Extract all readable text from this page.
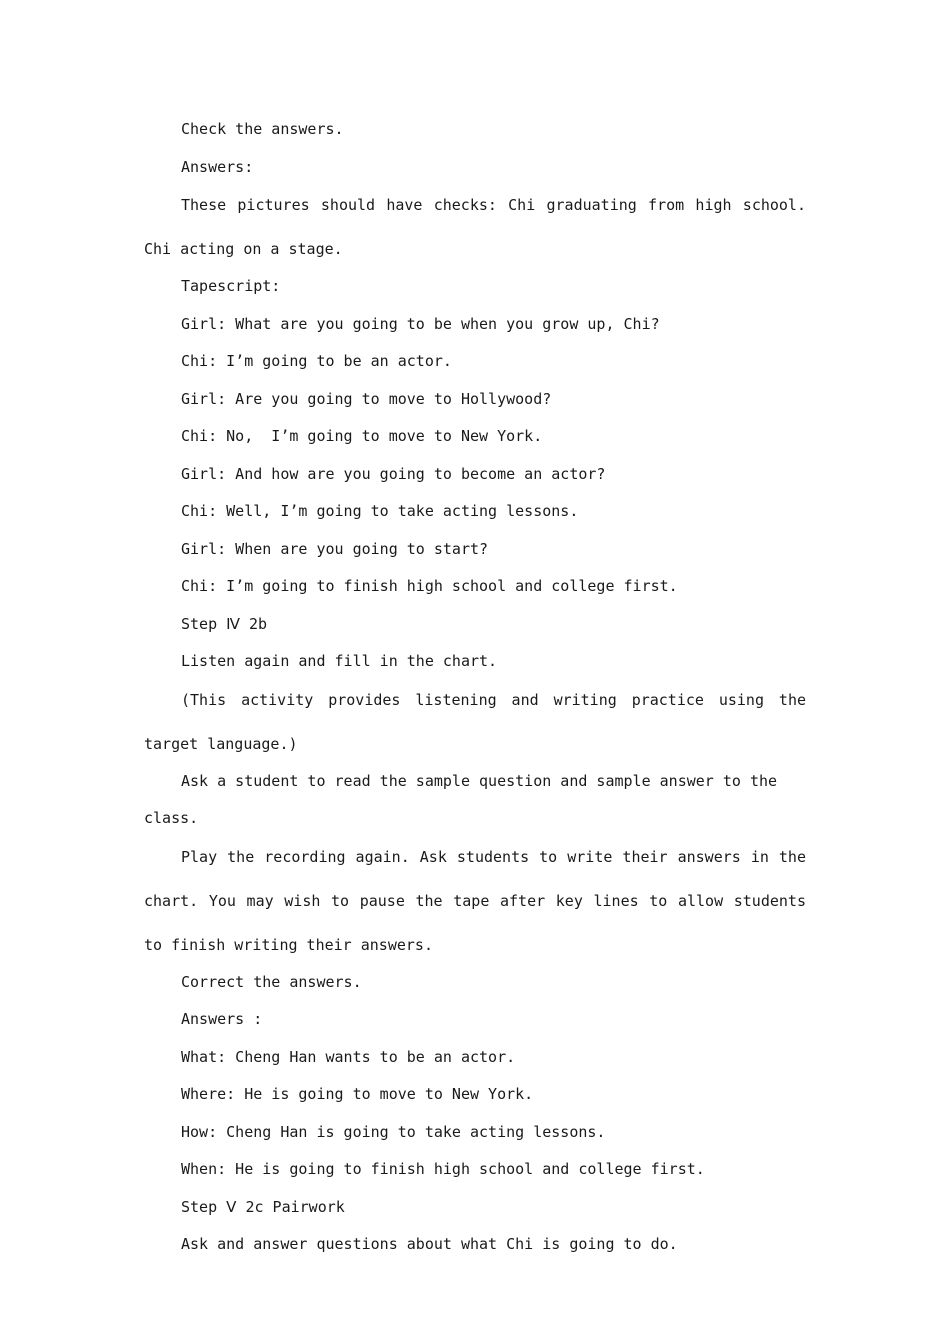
Check the answers.

Answers:

These pictures should have checks: Chi graduating from high school. Chi acting on a stage.

Tapescript:

Girl: What are you going to be when you grow up, Chi?

Chi: I’m going to be an actor.

Girl: Are you going to move to Hollywood?

Chi: No,  I’m going to move to New York.

Girl: And how are you going to become an actor?

Chi: Well, I’m going to take acting lessons.

Girl: When are you going to start?

Chi: I’m going to finish high school and college first.

Step Ⅳ 2b

Listen again and fill in the chart.

(This activity provides listening and writing practice using the target language.)

Ask a student to read the sample question and sample answer to the class.

Play the recording again. Ask students to write their answers in the chart. You may wish to pause the tape after key lines to allow students to finish writing their answers.

Correct the answers.

Answers :

What: Cheng Han wants to be an actor.

Where: He is going to move to New York.

How: Cheng Han is going to take acting lessons.

When: He is going to finish high school and college first.

Step Ⅴ 2c Pairwork

Ask and answer questions about what Chi is going to do.
